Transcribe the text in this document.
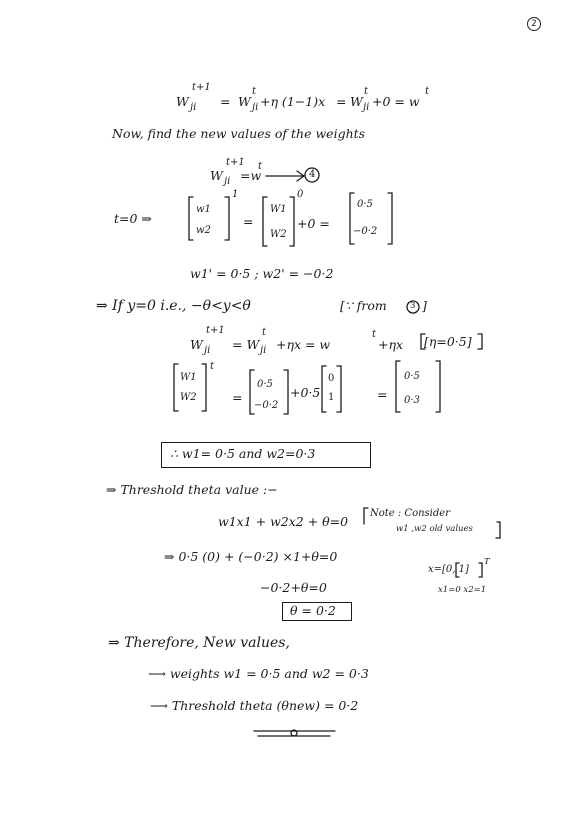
2
W
t+1
ji = W
t
ji +η (1−1)x = W
t
ji +0 = w
t
Now, find the new values of the weights
W
t+1
ji =w
t
4
t=0 ⇒
w1
w2
1
=
W1
W2
0
+0 =
0·5
−0·2
w1' = 0·5 ; w2' = −0·2
⇒ If y=0 i.e., −θ<y<θ	[∵ from	3 ]
W
t+1
ji = W
t
ji +ηx = w
t
+ηx [η=0·5]
W1
W2
t
=
0·5
−0·2
+0·5
0
1	=
0·5
0·3
∴ w1= 0·5 and w2=0·3
⇒ Threshold theta value :−
w1x1 + w2x2 + θ=0
Note : Consider
w1 ,w2 old values
⇒ 0·5 (0) + (−0·2) ×1+θ=0
x=[0, 1]
T
x1=0 x2=1
−0·2+θ=0
θ = 0·2
⇒ Therefore, New values,
⟶ weights w1 = 0·5 and w2 = 0·3
⟶ Threshold theta (θnew) = 0·2
